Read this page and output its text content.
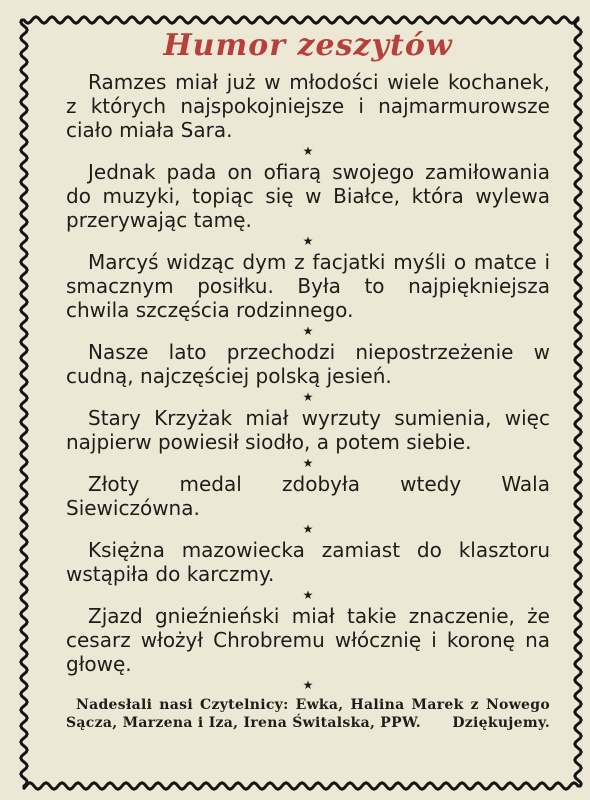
Humor zeszytów

Ramzes miał już w młodości wiele kochanek, z których najspokojniejsze i najmarmurowsze ciało miała Sara.

★

Jednak pada on ofiarą swojego zamiłowania do muzyki, topiąc się w Białce, która wylewa przerywając tamę.

★

Marcyś widząc dym z facjatki myśli o matce i smacznym posiłku. Była to najpiękniejsza chwila szczęścia rodzinnego.

★

Nasze lato przechodzi niepostrzeżenie w cudną, najczęściej polską jesień.

★

Stary Krzyżak miał wyrzuty sumienia, więc najpierw powiesił siodło, a potem siebie.

★

Złoty medal zdobyła wtedy Wala Siewiczówna.

★

Księżna mazowiecka zamiast do klasztoru wstąpiła do karczmy.

★

Zjazd gnieźnieński miał takie znaczenie, że cesarz włożył Chrobremu włócznię i koronę na głowę.

★
Nadesłali nasi Czytelnicy: Ewka, Halina Marek z Nowego Sącza, Marzena i Iza, Irena Świtalska, PPW.	Dziękujemy.
